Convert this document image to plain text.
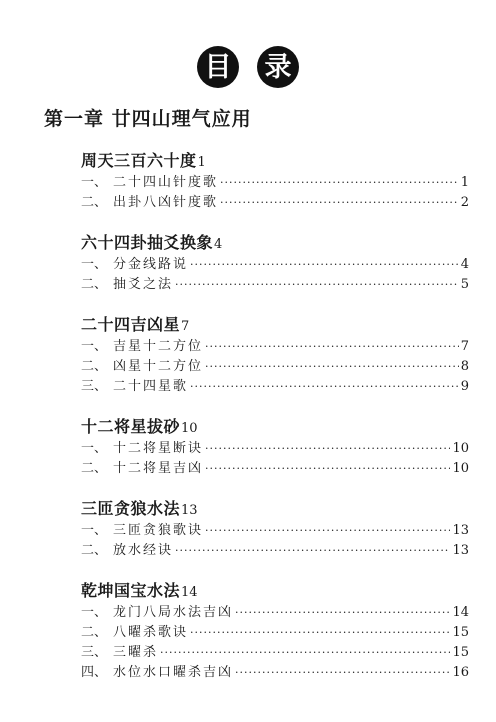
目 录
第一章 廿四山理气应用
周天三百六十度 1
一、 二十四山针度歌 ·····	1
二、 出卦八凶针度歌 ·····	2
六十四卦抽爻换象 4
一、 分金线路说 ·····	4
二、 抽爻之法 ·····	5
二十四吉凶星 7
一、 吉星十二方位 ·····	7
二、 凶星十二方位 ·····	8
三、 二十四星歌 ·····	9
十二将星拔砂 10
一、 十二将星断诀 ·····	10
二、 十二将星吉凶 ·····	10
三匝贪狼水法 13
一、 三匝贪狼歌诀 ·····	13
二、 放水经诀 ·····	13
乾坤国宝水法 14
一、 龙门八局水法吉凶 ·····	14
二、 八曜杀歌诀 ·····	15
三、 三曜杀 ·····	15
四、 水位水口曜杀吉凶 ·····	16
